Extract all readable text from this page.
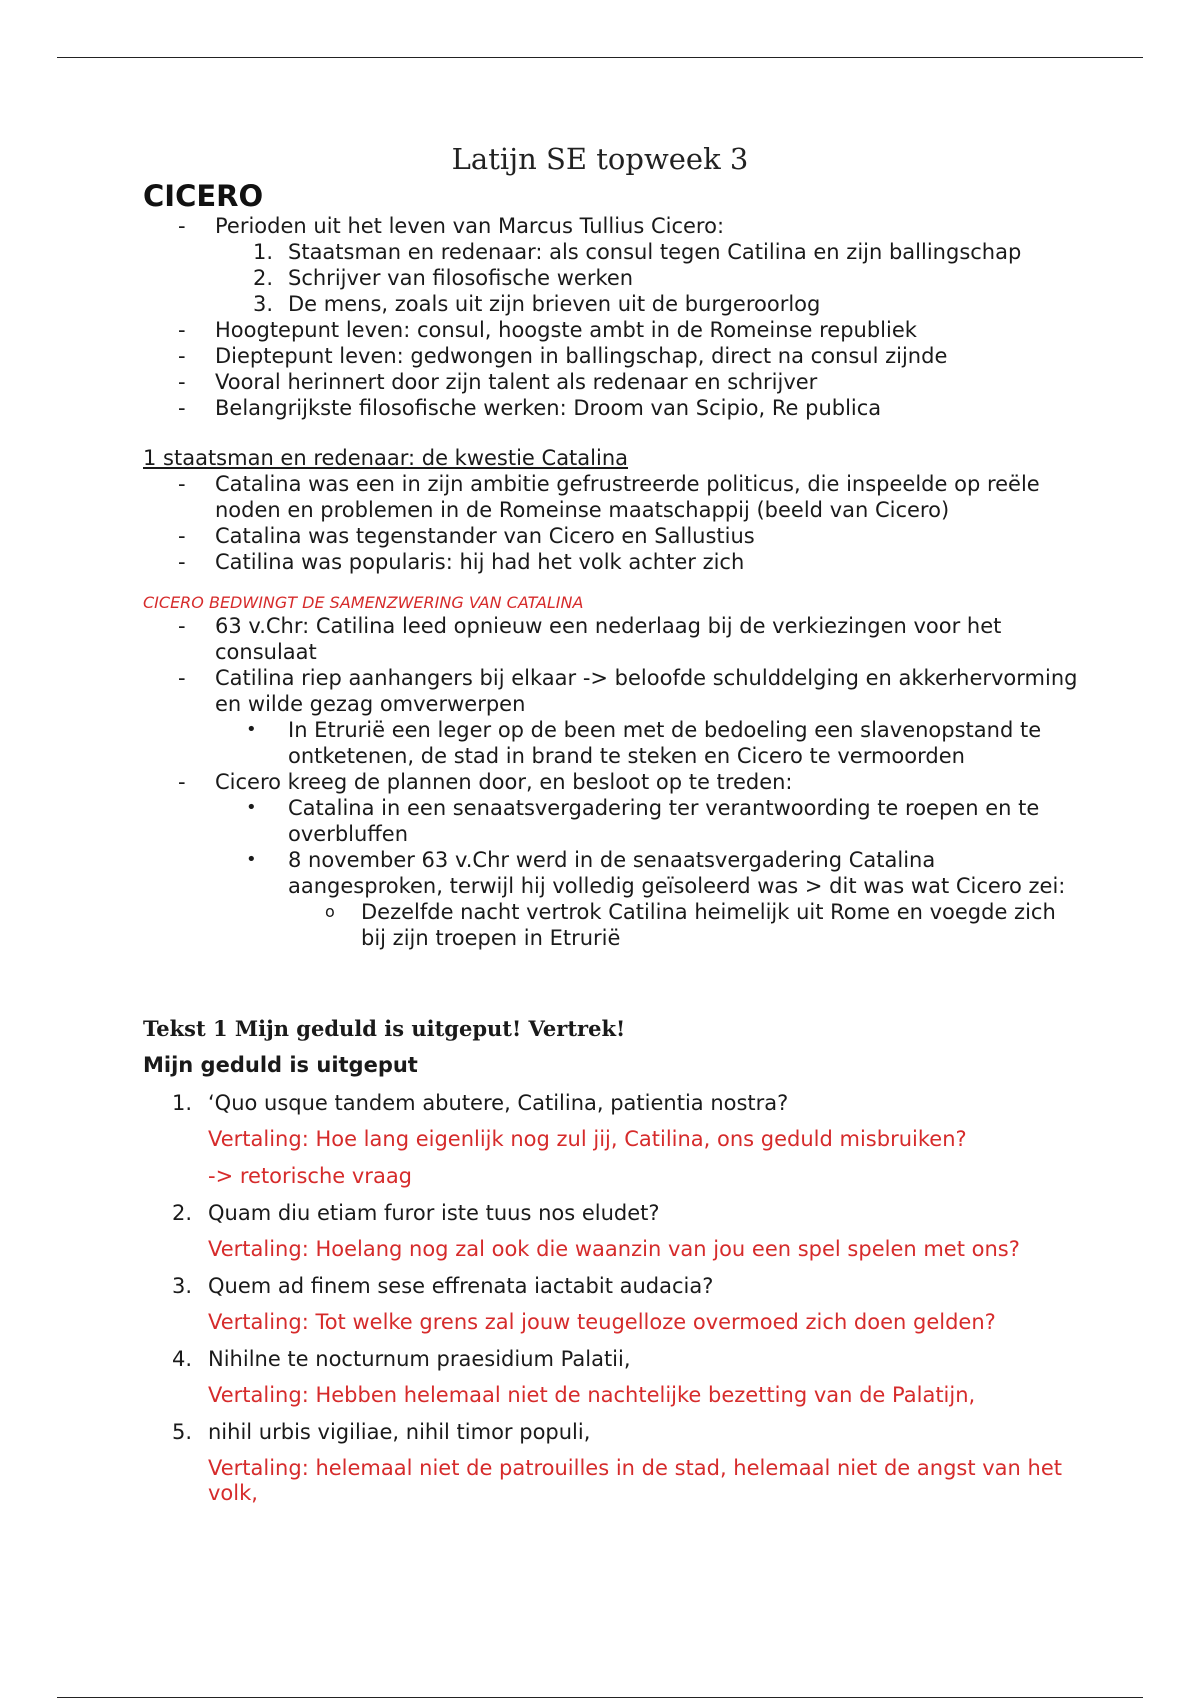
Latijn SE topweek 3
CICERO
- Perioden uit het leven van Marcus Tullius Cicero:
1. Staatsman en redenaar: als consul tegen Catilina en zijn ballingschap
2. Schrijver van filosofische werken
3. De mens, zoals uit zijn brieven uit de burgeroorlog
- Hoogtepunt leven: consul, hoogste ambt in de Romeinse republiek
- Dieptepunt leven: gedwongen in ballingschap, direct na consul zijnde
- Vooral herinnert door zijn talent als redenaar en schrijver
- Belangrijkste filosofische werken: Droom van Scipio, Re publica
1 staatsman en redenaar: de kwestie Catalina
- Catalina was een in zijn ambitie gefrustreerde politicus, die inspeelde op reële noden en problemen in de Romeinse maatschappij (beeld van Cicero)
- Catalina was tegenstander van Cicero en Sallustius
- Catilina was popularis: hij had het volk achter zich
CICERO BEDWINGT DE SAMENZWERING VAN CATALINA
- 63 v.Chr: Catilina leed opnieuw een nederlaag bij de verkiezingen voor het consulaat
- Catilina riep aanhangers bij elkaar -> beloofde schulddelging en akkerhervorming en wilde gezag omverwerpen
• In Etrurië een leger op de been met de bedoeling een slavenopstand te ontketenen, de stad in brand te steken en Cicero te vermoorden
- Cicero kreeg de plannen door, en besloot op te treden:
• Catalina in een senaatsvergadering ter verantwoording te roepen en te overbluffen
• 8 november 63 v.Chr werd in de senaatsvergadering Catalina aangesproken, terwijl hij volledig geïsoleerd was > dit was wat Cicero zei:
o Dezelfde nacht vertrok Catilina heimelijk uit Rome en voegde zich bij zijn troepen in Etrurië
Tekst 1 Mijn geduld is uitgeput! Vertrek!
Mijn geduld is uitgeput
1. ‘Quo usque tandem abutere, Catilina, patientia nostra?
Vertaling: Hoe lang eigenlijk nog zul jij, Catilina, ons geduld misbruiken?
-> retorische vraag
2. Quam diu etiam furor iste tuus nos eludet?
Vertaling: Hoelang nog zal ook die waanzin van jou een spel spelen met ons?
3. Quem ad finem sese effrenata iactabit audacia?
Vertaling: Tot welke grens zal jouw teugelloze overmoed zich doen gelden?
4. Nihilne te nocturnum praesidium Palatii,
Vertaling: Hebben helemaal niet de nachtelijke bezetting van de Palatijn,
5. nihil urbis vigiliae, nihil timor populi,
Vertaling: helemaal niet de patrouilles in de stad, helemaal niet de angst van het volk,
